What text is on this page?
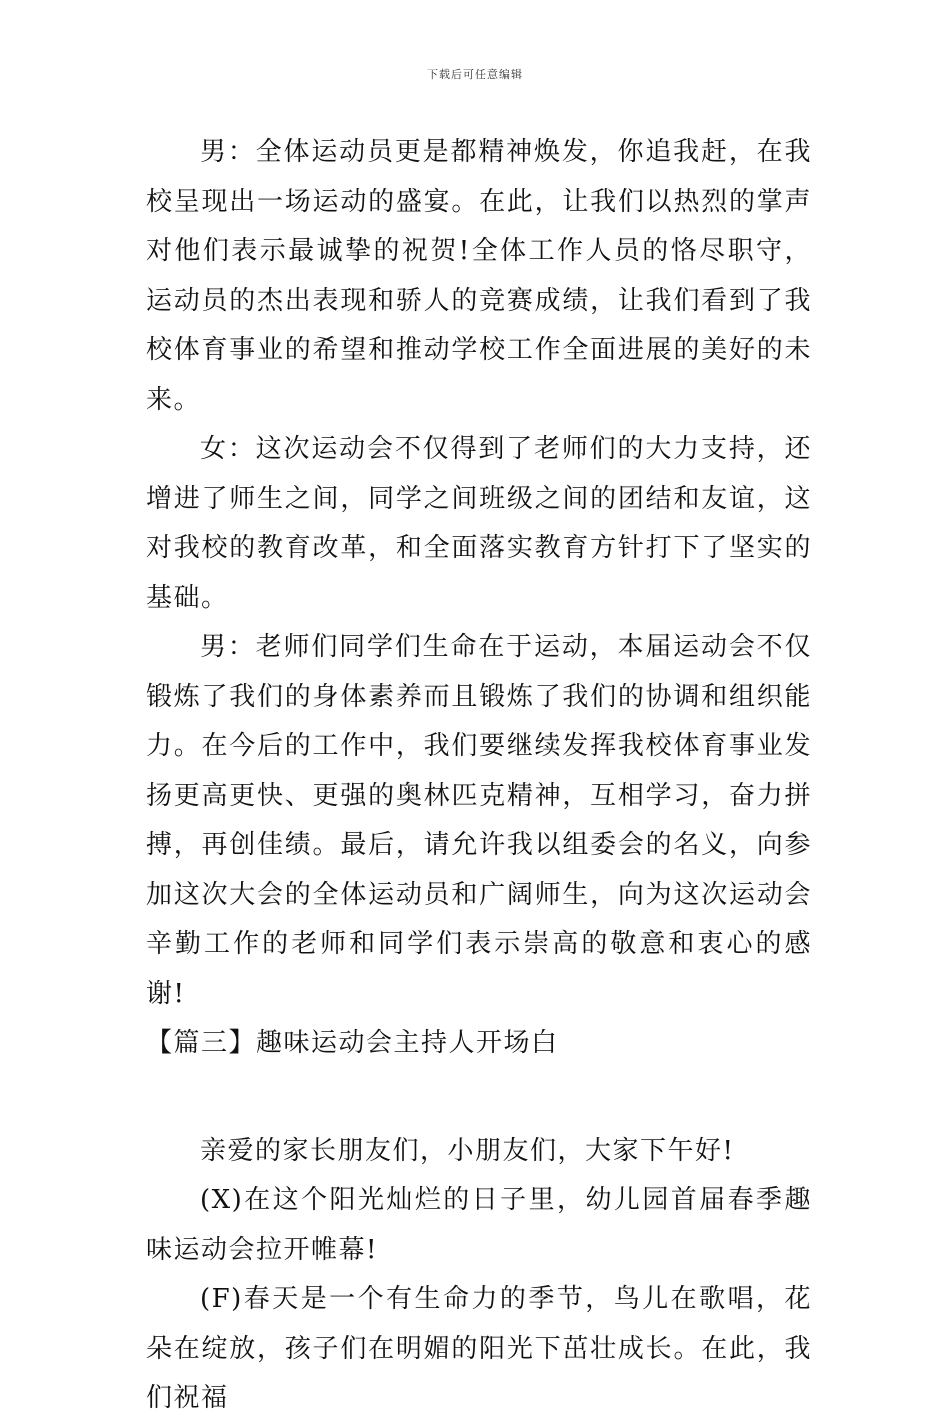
下载后可任意编辑

男：全体运动员更是都精神焕发，你追我赶，在我校呈现出一场运动的盛宴。在此，让我们以热烈的掌声对他们表示最诚挚的祝贺!全体工作人员的恪尽职守，运动员的杰出表现和骄人的竞赛成绩，让我们看到了我校体育事业的希望和推动学校工作全面进展的美好的未来。

女：这次运动会不仅得到了老师们的大力支持，还增进了师生之间，同学之间班级之间的团结和友谊，这对我校的教育改革，和全面落实教育方针打下了坚实的基础。

男：老师们同学们生命在于运动，本届运动会不仅锻炼了我们的身体素养而且锻炼了我们的协调和组织能力。在今后的工作中，我们要继续发挥我校体育事业发扬更高更快、更强的奥林匹克精神，互相学习，奋力拼搏，再创佳绩。最后，请允许我以组委会的名义，向参加这次大会的全体运动员和广阔师生，向为这次运动会辛勤工作的老师和同学们表示崇高的敬意和衷心的感谢!

【篇三】趣味运动会主持人开场白

亲爱的家长朋友们，小朋友们，大家下午好!

(X)在这个阳光灿烂的日子里，幼儿园首届春季趣味运动会拉开帷幕!

(F)春天是一个有生命力的季节，鸟儿在歌唱，花朵在绽放，孩子们在明媚的阳光下茁壮成长。在此，我们祝福
